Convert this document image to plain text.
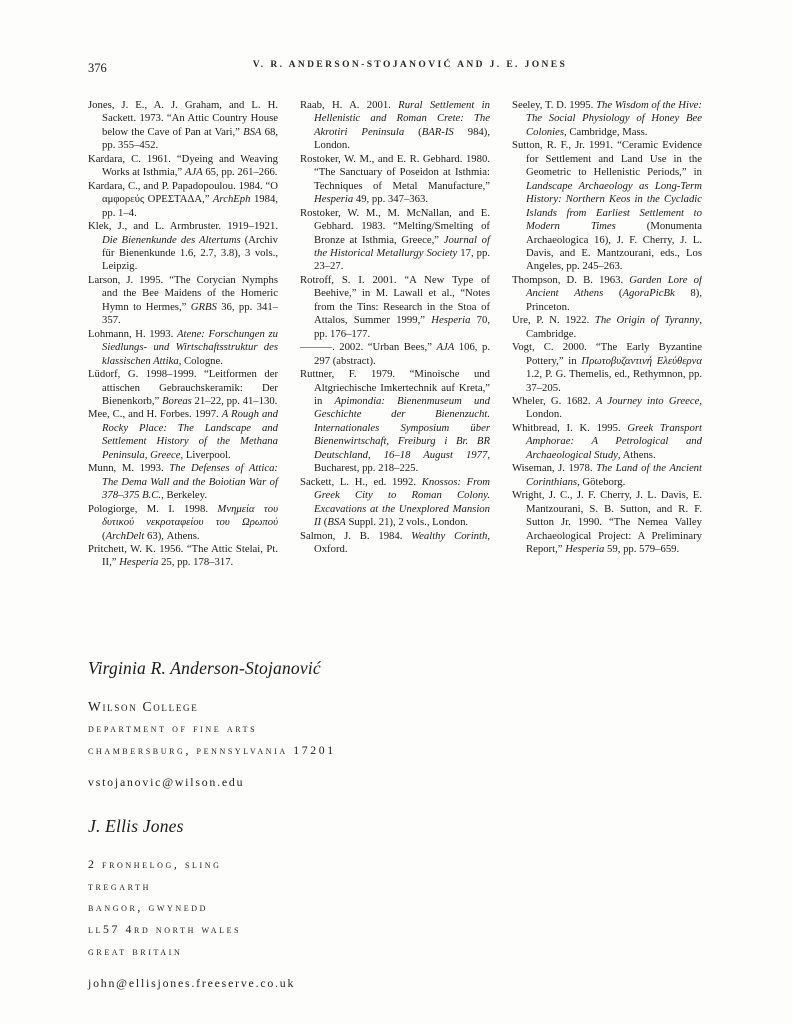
376	V. R. ANDERSON-STOJANOVIĆ AND J. E. JONES

Jones, J. E., A. J. Graham, and L. H. Sackett. 1973. “An Attic Country House below the Cave of Pan at Vari,” BSA 68, pp. 355–452.

Kardara, C. 1961. “Dyeing and Weaving Works at Isthmia,” AJA 65, pp. 261–266.

Kardara, C., and P. Papadopoulou. 1984. “Ο αμφορεύς ΟΡΕΣΤΑΔΑ,” ArchEph 1984, pp. 1–4.

Klek, J., and L. Armbruster. 1919–1921. Die Bienenkunde des Altertums (Archiv für Bienenkunde 1.6, 2.7, 3.8), 3 vols., Leipzig.

Larson, J. 1995. “The Corycian Nymphs and the Bee Maidens of the Homeric Hymn to Hermes,” GRBS 36, pp. 341–357.

Lohmann, H. 1993. Atene: Forschungen zu Siedlungs- und Wirtschaftsstruktur des klassischen Attika, Cologne.

Lüdorf, G. 1998–1999. “Leitformen der attischen Gebrauchskeramik: Der Bienenkorb,” Boreas 21–22, pp. 41–130.

Mee, C., and H. Forbes. 1997. A Rough and Rocky Place: The Landscape and Settlement History of the Methana Peninsula, Greece, Liverpool.

Munn, M. 1993. The Defenses of Attica: The Dema Wall and the Boiotian War of 378–375 B.C., Berkeley.

Pologiorge, M. I. 1998. Μνημεία του δυτικού νεκροταφείου του Ωρωπού (ArchDelt 63), Athens.

Pritchett, W. K. 1956. “The Attic Stelai, Pt. II,” Hesperia 25, pp. 178–317.

Raab, H. A. 2001. Rural Settlement in Hellenistic and Roman Crete: The Akrotiri Peninsula (BAR-IS 984), London.

Rostoker, W. M., and E. R. Gebhard. 1980. “The Sanctuary of Poseidon at Isthmia: Techniques of Metal Manufacture,” Hesperia 49, pp. 347–363.

Rostoker, W. M., M. McNallan, and E. Gebhard. 1983. “Melting/Smelting of Bronze at Isthmia, Greece,” Journal of the Historical Metallurgy Society 17, pp. 23–27.

Rotroff, S. I. 2001. “A New Type of Beehive,” in M. Lawall et al., “Notes from the Tins: Research in the Stoa of Attalos, Summer 1999,” Hesperia 70, pp. 176–177.

———. 2002. “Urban Bees,” AJA 106, p. 297 (abstract).

Ruttner, F. 1979. “Minoische und Altgriechische Imkertechnik auf Kreta,” in Apimondia: Bienenmuseum und Geschichte der Bienenzucht. Internationales Symposium über Bienenwirtschaft, Freiburg i Br. BR Deutschland, 16–18 August 1977, Bucharest, pp. 218–225.

Sackett, L. H., ed. 1992. Knossos: From Greek City to Roman Colony. Excavations at the Unexplored Mansion II (BSA Suppl. 21), 2 vols., London.

Salmon, J. B. 1984. Wealthy Corinth, Oxford.

Seeley, T. D. 1995. The Wisdom of the Hive: The Social Physiology of Honey Bee Colonies, Cambridge, Mass.

Sutton, R. F., Jr. 1991. “Ceramic Evidence for Settlement and Land Use in the Geometric to Hellenistic Periods,” in Landscape Archaeology as Long-Term History: Northern Keos in the Cycladic Islands from Earliest Settlement to Modern Times (Monumenta Archaeologica 16), J. F. Cherry, J. L. Davis, and E. Mantzourani, eds., Los Angeles, pp. 245–263.

Thompson, D. B. 1963. Garden Lore of Ancient Athens (AgoraPicBk 8), Princeton.

Ure, P. N. 1922. The Origin of Tyranny, Cambridge.

Vogt, C. 2000. “The Early Byzantine Pottery,” in Πρωτοβυζαντινή Ελεύθερνα 1.2, P. G. Themelis, ed., Rethymnon, pp. 37–205.

Wheler, G. 1682. A Journey into Greece, London.

Whitbread, I. K. 1995. Greek Transport Amphorae: A Petrological and Archaeological Study, Athens.

Wiseman, J. 1978. The Land of the Ancient Corinthians, Göteborg.

Wright, J. C., J. F. Cherry, J. L. Davis, E. Mantzourani, S. B. Sutton, and R. F. Sutton Jr. 1990. “The Nemea Valley Archaeological Project: A Preliminary Report,” Hesperia 59, pp. 579–659.

Virginia R. Anderson-Stojanović
Wilson College
department of fine arts
chambersburg, pennsylvania 17201
vstojanovic@wilson.edu
J. Ellis Jones
2 fronhelog, sling
tregarth
bangor, gwynedd
ll57 4rd north wales
great britain
john@ellisjones.freeserve.co.uk
